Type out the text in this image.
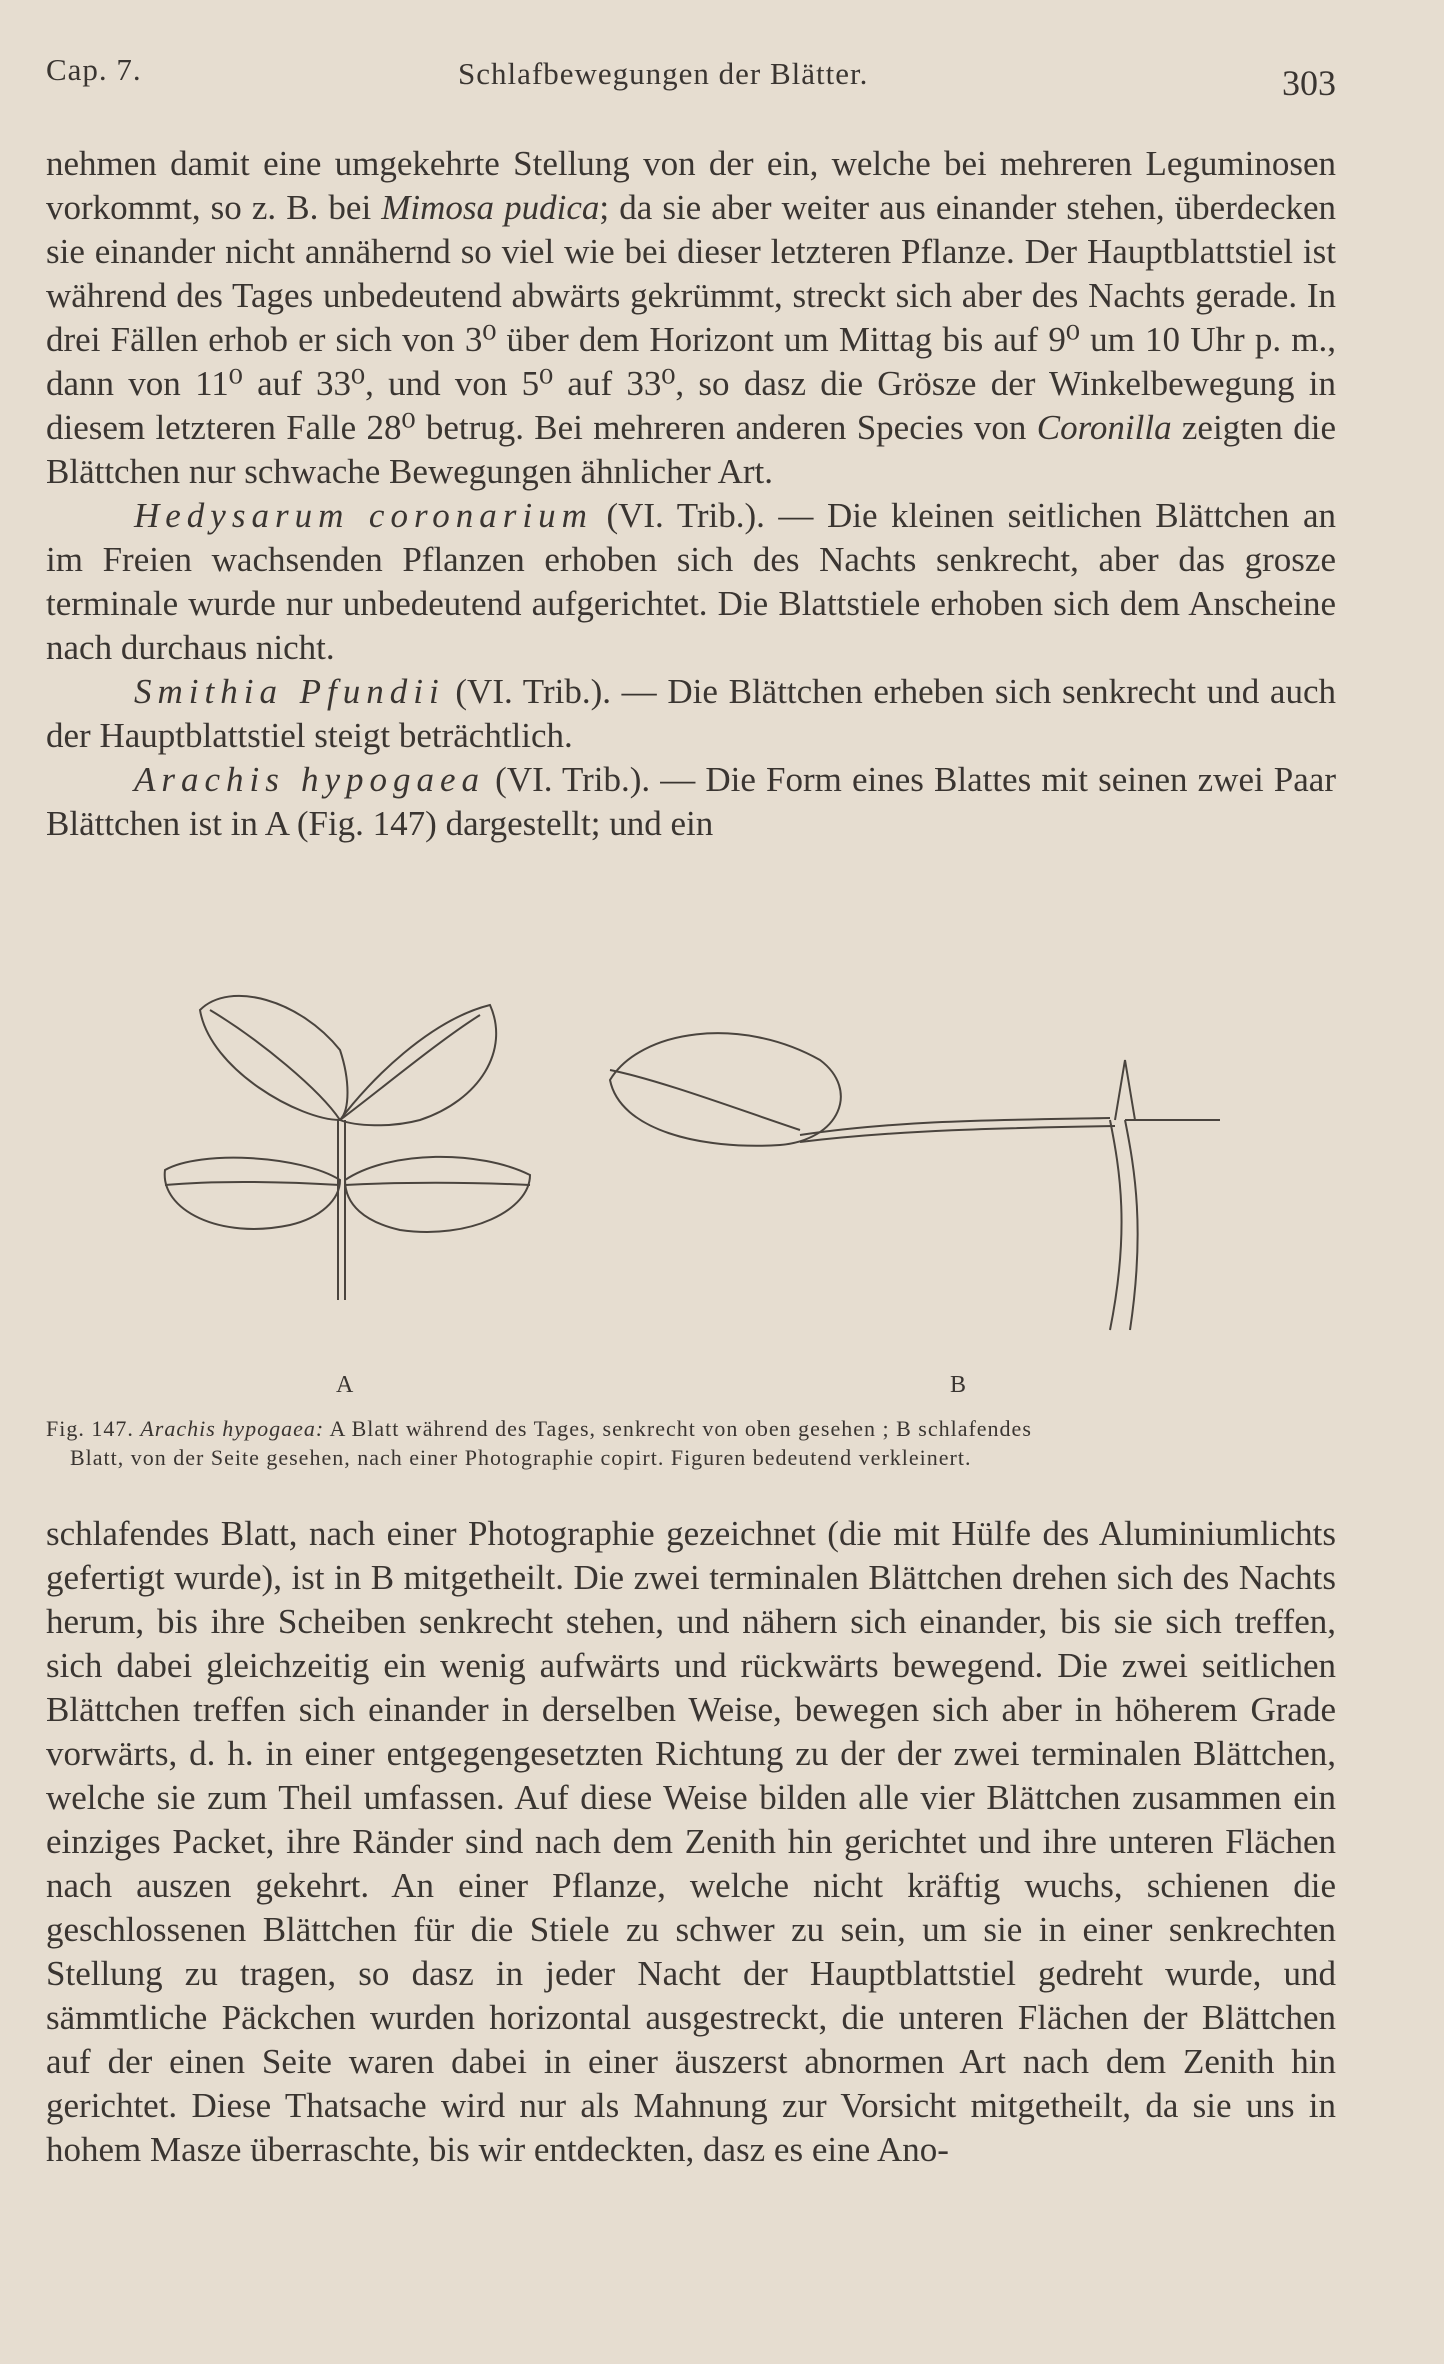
Cap. 7.	Schlafbewegungen der Blätter.	303

nehmen damit eine umgekehrte Stellung von der ein, welche bei mehreren Leguminosen vorkommt, so z. B. bei Mimosa pudica; da sie aber weiter aus einander stehen, überdecken sie einander nicht annähernd so viel wie bei dieser letzteren Pflanze. Der Hauptblattstiel ist während des Tages unbedeutend abwärts gekrümmt, streckt sich aber des Nachts gerade. In drei Fällen erhob er sich von 3⁰ über dem Horizont um Mittag bis auf 9⁰ um 10 Uhr p. m., dann von 11⁰ auf 33⁰, und von 5⁰ auf 33⁰, so dasz die Grösze der Winkelbewegung in diesem letzteren Falle 28⁰ betrug. Bei mehreren anderen Species von Coronilla zeigten die Blättchen nur schwache Bewegungen ähnlicher Art.

Hedysarum coronarium (VI. Trib.). — Die kleinen seitlichen Blättchen an im Freien wachsenden Pflanzen erhoben sich des Nachts senkrecht, aber das grosze terminale wurde nur unbedeutend aufgerichtet. Die Blattstiele erhoben sich dem Anscheine nach durchaus nicht.

Smithia Pfundii (VI. Trib.). — Die Blättchen erheben sich senkrecht und auch der Hauptblattstiel steigt beträchtlich.

Arachis hypogaea (VI. Trib.). — Die Form eines Blattes mit seinen zwei Paar Blättchen ist in A (Fig. 147) dargestellt; und ein

A	B
Fig. 147. Arachis hypogaea: A Blatt während des Tages, senkrecht von oben gesehen ; B schlafendes
Blatt, von der Seite gesehen, nach einer Photographie copirt. Figuren bedeutend verkleinert.

schlafendes Blatt, nach einer Photographie gezeichnet (die mit Hülfe des Aluminiumlichts gefertigt wurde), ist in B mitgetheilt. Die zwei terminalen Blättchen drehen sich des Nachts herum, bis ihre Scheiben senkrecht stehen, und nähern sich einander, bis sie sich treffen, sich dabei gleichzeitig ein wenig aufwärts und rückwärts bewegend. Die zwei seitlichen Blättchen treffen sich einander in derselben Weise, bewegen sich aber in höherem Grade vorwärts, d. h. in einer entgegengesetzten Richtung zu der der zwei terminalen Blättchen, welche sie zum Theil umfassen. Auf diese Weise bilden alle vier Blättchen zusammen ein einziges Packet, ihre Ränder sind nach dem Zenith hin gerichtet und ihre unteren Flächen nach auszen gekehrt. An einer Pflanze, welche nicht kräftig wuchs, schienen die geschlossenen Blättchen für die Stiele zu schwer zu sein, um sie in einer senkrechten Stellung zu tragen, so dasz in jeder Nacht der Hauptblattstiel gedreht wurde, und sämmtliche Päckchen wurden horizontal ausgestreckt, die unteren Flächen der Blättchen auf der einen Seite waren dabei in einer äuszerst abnormen Art nach dem Zenith hin gerichtet. Diese Thatsache wird nur als Mahnung zur Vorsicht mitgetheilt, da sie uns in hohem Masze überraschte, bis wir entdeckten, dasz es eine Ano-
